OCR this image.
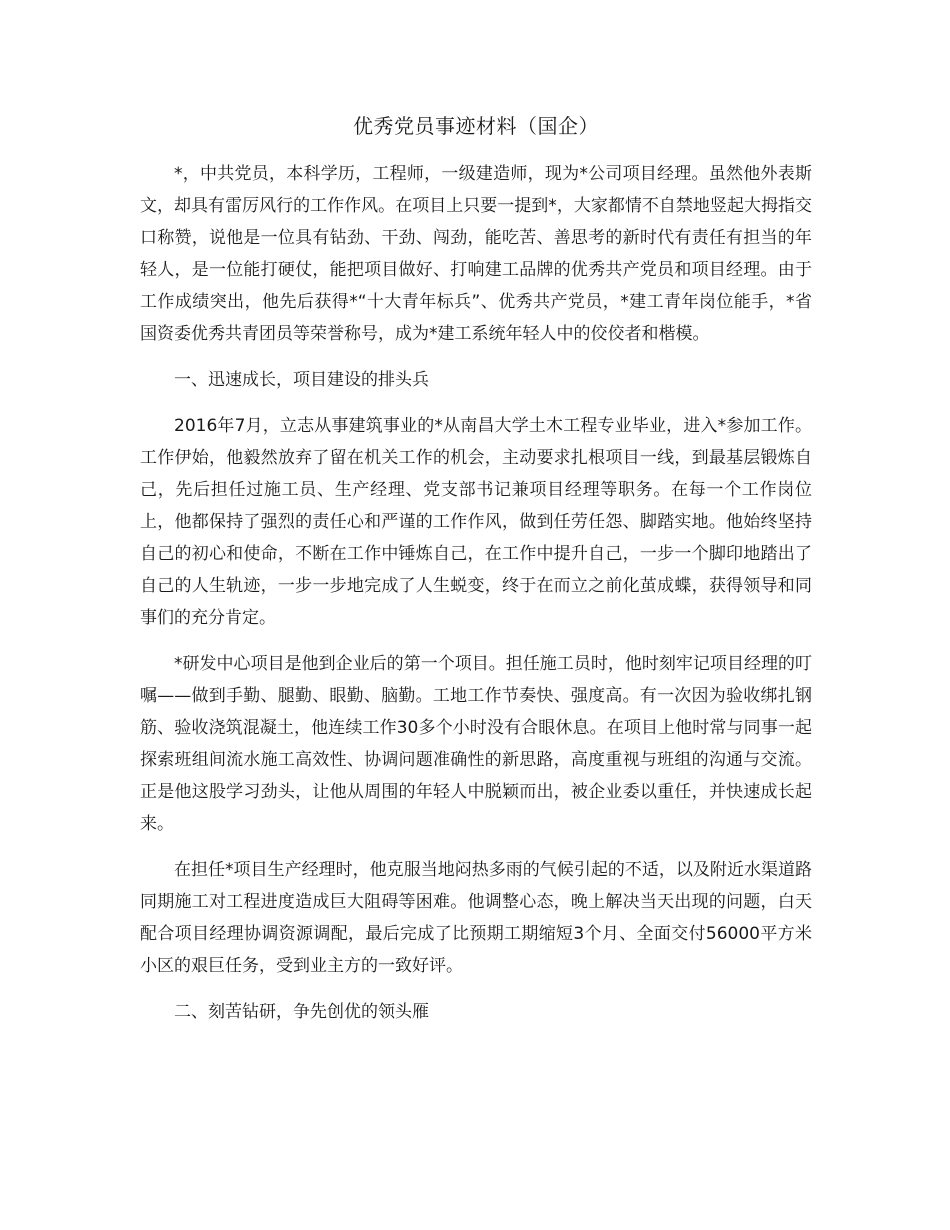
优秀党员事迹材料（国企）

*，中共党员，本科学历，工程师，一级建造师，现为*公司项目经理。虽然他外表斯文，却具有雷厉风行的工作作风。在项目上只要一提到*，大家都情不自禁地竖起大拇指交口称赞，说他是一位具有钻劲、干劲、闯劲，能吃苦、善思考的新时代有责任有担当的年轻人，是一位能打硬仗，能把项目做好、打响建工品牌的优秀共产党员和项目经理。由于工作成绩突出，他先后获得*“十大青年标兵”、优秀共产党员，*建工青年岗位能手，*省国资委优秀共青团员等荣誉称号，成为*建工系统年轻人中的佼佼者和楷模。

一、迅速成长，项目建设的排头兵

2016年7月，立志从事建筑事业的*从南昌大学土木工程专业毕业，进入*参加工作。工作伊始，他毅然放弃了留在机关工作的机会，主动要求扎根项目一线，到最基层锻炼自己，先后担任过施工员、生产经理、党支部书记兼项目经理等职务。在每一个工作岗位上，他都保持了强烈的责任心和严谨的工作作风，做到任劳任怨、脚踏实地。他始终坚持自己的初心和使命，不断在工作中锤炼自己，在工作中提升自己，一步一个脚印地踏出了自己的人生轨迹，一步一步地完成了人生蜕变，终于在而立之前化茧成蝶，获得领导和同事们的充分肯定。

*研发中心项目是他到企业后的第一个项目。担任施工员时，他时刻牢记项目经理的叮嘱——做到手勤、腿勤、眼勤、脑勤。工地工作节奏快、强度高。有一次因为验收绑扎钢筋、验收浇筑混凝土，他连续工作30多个小时没有合眼休息。在项目上他时常与同事一起探索班组间流水施工高效性、协调问题准确性的新思路，高度重视与班组的沟通与交流。正是他这股学习劲头，让他从周围的年轻人中脱颖而出，被企业委以重任，并快速成长起来。

在担任*项目生产经理时，他克服当地闷热多雨的气候引起的不适，以及附近水渠道路同期施工对工程进度造成巨大阻碍等困难。他调整心态，晚上解决当天出现的问题，白天配合项目经理协调资源调配，最后完成了比预期工期缩短3个月、全面交付56000平方米小区的艰巨任务，受到业主方的一致好评。

二、刻苦钻研，争先创优的领头雁
